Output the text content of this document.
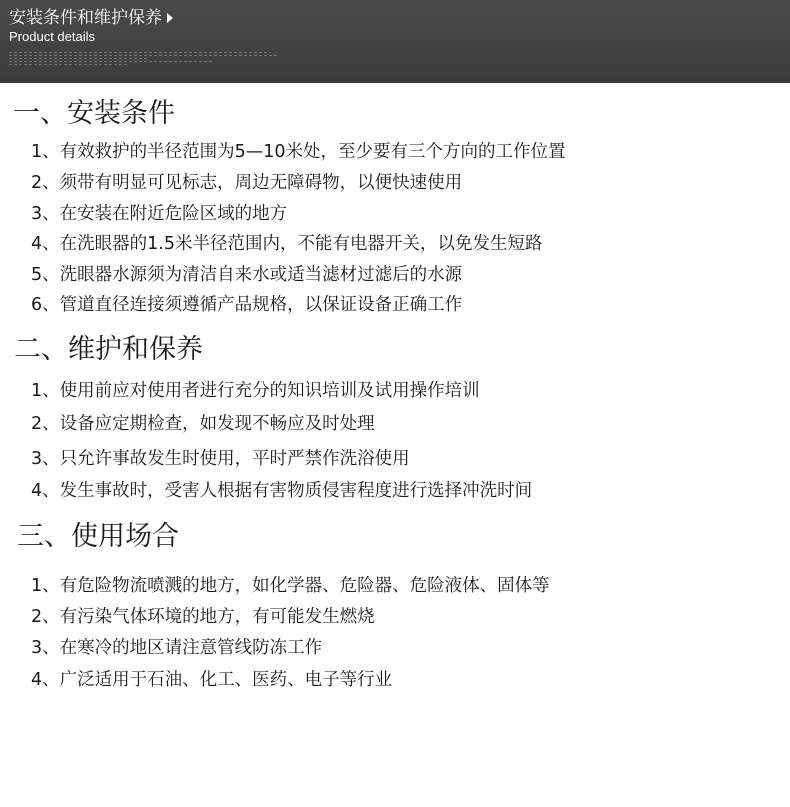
安装条件和维护保养
Product details
一、安装条件
1、有效救护的半径范围为5—10米处，至少要有三个方向的工作位置
2、须带有明显可见标志，周边无障碍物，以便快速使用
3、在安装在附近危险区域的地方
4、在洗眼器的1.5米半径范围内，不能有电器开关，以免发生短路
5、洗眼器水源须为清洁自来水或适当滤材过滤后的水源
6、管道直径连接须遵循产品规格，以保证设备正确工作
二、维护和保养
1、使用前应对使用者进行充分的知识培训及试用操作培训
2、设备应定期检查，如发现不畅应及时处理
3、只允许事故发生时使用，平时严禁作洗浴使用
4、发生事故时，受害人根据有害物质侵害程度进行选择冲洗时间
三、使用场合
1、有危险物流喷溅的地方，如化学器、危险器、危险液体、固体等
2、有污染气体环境的地方，有可能发生燃烧
3、在寒冷的地区请注意管线防冻工作
4、广泛适用于石油、化工、医药、电子等行业
